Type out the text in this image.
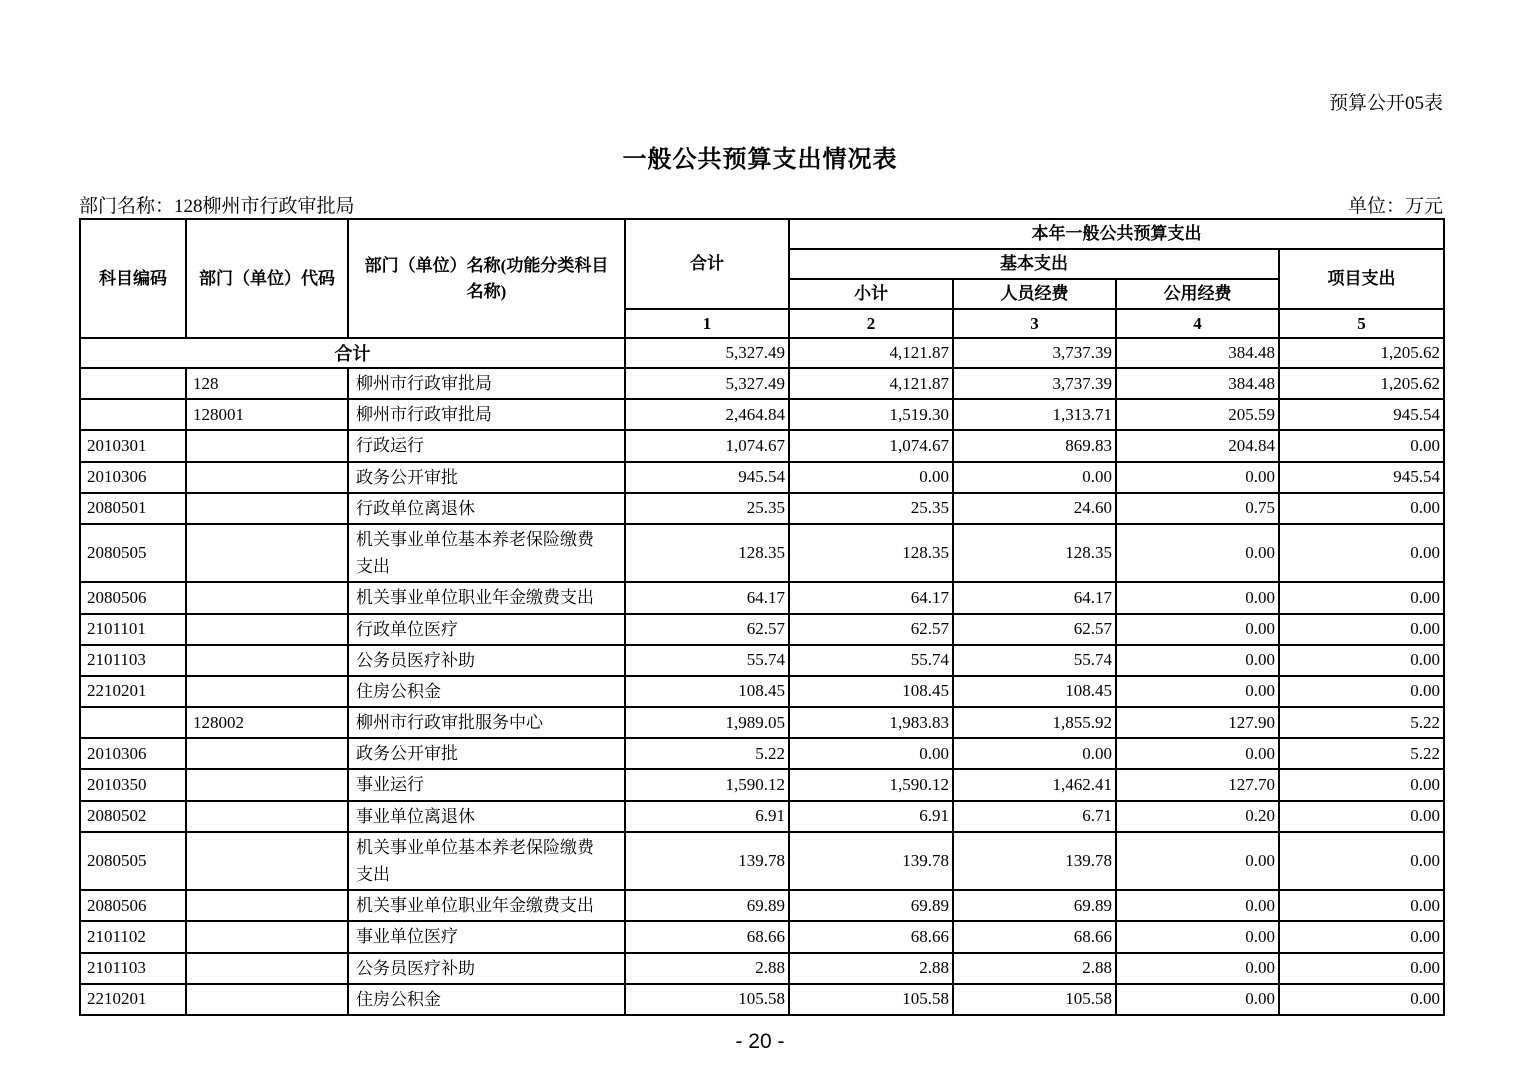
预算公开05表
一般公共预算支出情况表
部门名称：128柳州市行政审批局	单位：万元
科目编码	部门（单位）代码	部门（单位）名称(功能分类科目名称)	合计	本年一般公共预算支出			
				基本支出			项目支出
				小计	人员经费	公用经费	
			1	2	3	4	5
合计			5,327.49	4,121.87	3,737.39	384.48	1,205.62
	128	柳州市行政审批局	5,327.49	4,121.87	3,737.39	384.48	1,205.62
	128001	柳州市行政审批局	2,464.84	1,519.30	1,313.71	205.59	945.54
2010301		行政运行	1,074.67	1,074.67	869.83	204.84	0.00
2010306		政务公开审批	945.54	0.00	0.00	0.00	945.54
2080501		行政单位离退休	25.35	25.35	24.60	0.75	0.00
2080505		机关事业单位基本养老保险缴费支出	128.35	128.35	128.35	0.00	0.00
2080506		机关事业单位职业年金缴费支出	64.17	64.17	64.17	0.00	0.00
2101101		行政单位医疗	62.57	62.57	62.57	0.00	0.00
2101103		公务员医疗补助	55.74	55.74	55.74	0.00	0.00
2210201		住房公积金	108.45	108.45	108.45	0.00	0.00
	128002	柳州市行政审批服务中心	1,989.05	1,983.83	1,855.92	127.90	5.22
2010306		政务公开审批	5.22	0.00	0.00	0.00	5.22
2010350		事业运行	1,590.12	1,590.12	1,462.41	127.70	0.00
2080502		事业单位离退休	6.91	6.91	6.71	0.20	0.00
2080505		机关事业单位基本养老保险缴费支出	139.78	139.78	139.78	0.00	0.00
2080506		机关事业单位职业年金缴费支出	69.89	69.89	69.89	0.00	0.00
2101102		事业单位医疗	68.66	68.66	68.66	0.00	0.00
2101103		公务员医疗补助	2.88	2.88	2.88	0.00	0.00
2210201		住房公积金	105.58	105.58	105.58	0.00	0.00
- 20 -
